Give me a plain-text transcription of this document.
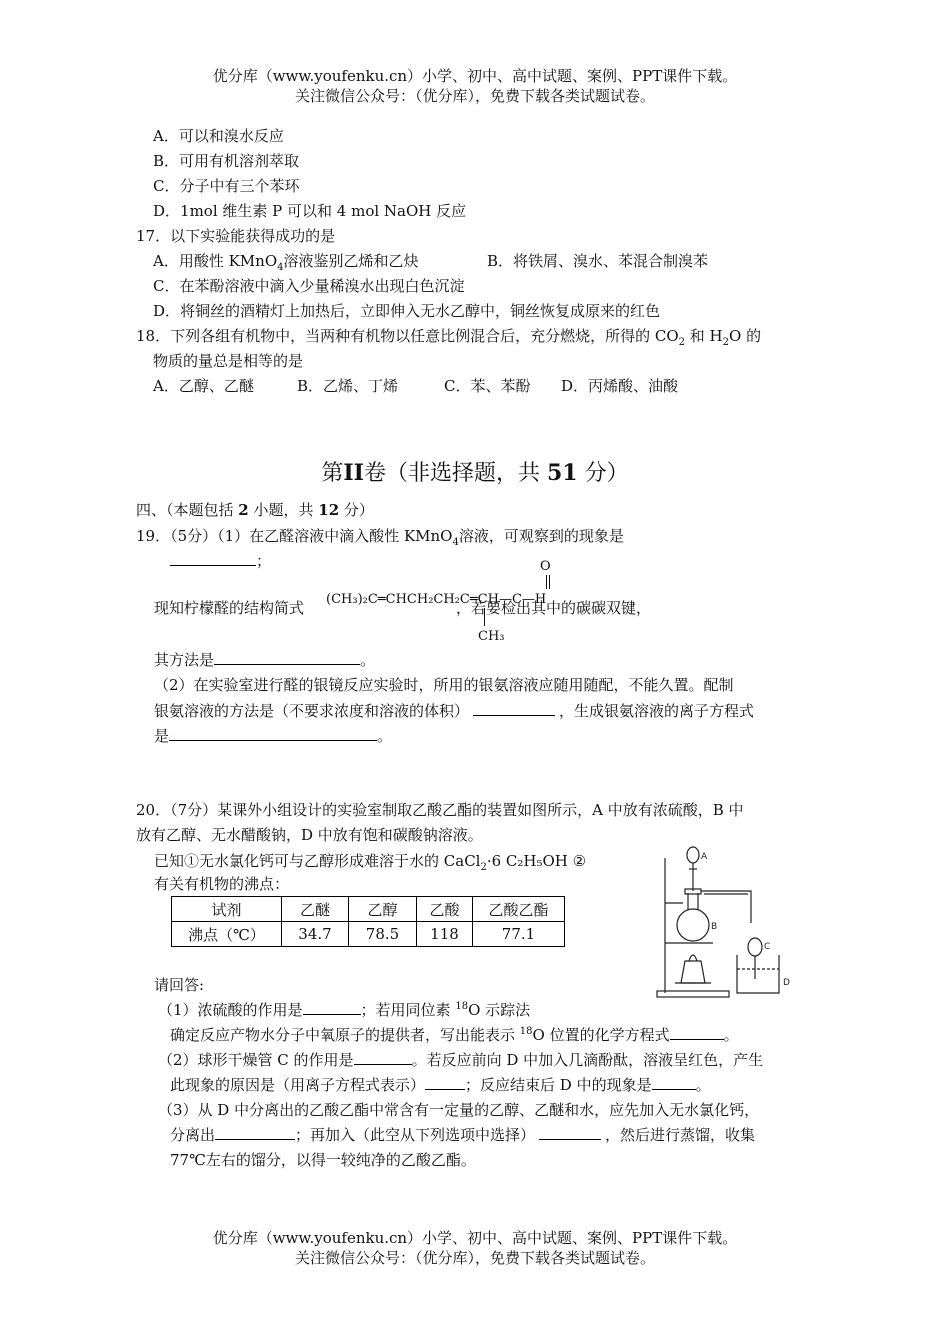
优分库（www.youfenku.cn）小学、初中、高中试题、案例、PPT课件下载。
关注微信公众号：（优分库），免费下载各类试题试卷。
A．可以和溴水反应
B．可用有机溶剂萃取
C．分子中有三个苯环
D．1mol 维生素 P 可以和 4 mol NaOH 反应
17．以下实验能获得成功的是
A．用酸性 KMnO$_4$溶液鉴别乙烯和乙炔	B．将铁屑、溴水、苯混合制溴苯
C．在苯酚溶液中滴入少量稀溴水出现白色沉淀
D．将铜丝的酒精灯上加热后，立即伸入无水乙醇中，铜丝恢复成原来的红色
18．下列各组有机物中，当两种有机物以任意比例混合后，充分燃烧，所得的 $CO_2$ 和 $H_2O$ 的
物质的量总是相等的是
A．乙醇、乙醚	B．乙烯、丁烯	C．苯、苯酚 D．丙烯酸、油酸
第II卷（非选择题，共 51 分）
四、（本题包括 2 小题，共 12 分）
19．（5分）（1）在乙醛溶液中滴入酸性 KMnO$_4$溶液，可观察到的现象是
；
现知柠檬醛的结构简式
O
(CH₃)₂C═CHCH₂CH₂C═CH—C—H
CH₃
，若要检出其中的碳碳双键，
其方法是	。
（2）在实验室进行醛的银镜反应实验时，所用的银氨溶液应随用随配，不能久置。配制
银氨溶液的方法是（不要求浓度和溶液的体积）	，生成银氨溶液的离子方程式
是	。
20．（7分）某课外小组设计的实验室制取乙酸乙酯的装置如图所示，A 中放有浓硫酸，B 中
放有乙醇、无水醋酸钠，D 中放有饱和碳酸钠溶液。
已知①无水氯化钙可与乙醇形成难溶于水的 CaCl$_2$·6 C₂H₅OH ②
有关有机物的沸点：
试剂	乙醚	乙醇	乙酸	乙酸乙酯
沸点（℃）	34.7	78.5	118	77.1
A
B
C
D
请回答:
（1）浓硫酸的作用是	；若用同位素 $^{18}$O 示踪法
确定反应产物水分子中氧原子的提供者，写出能表示 $^{18}$O 位置的化学方程式	。
（2）球形干燥管 C 的作用是	。若反应前向 D 中加入几滴酚酞，溶液呈红色，产生
此现象的原因是（用离子方程式表示）	；反应结束后 D 中的现象是	。
（3）从 D 中分离出的乙酸乙酯中常含有一定量的乙醇、乙醚和水，应先加入无水氯化钙，
分离出	；再加入（此空从下列选项中选择）	，然后进行蒸馏，收集
77℃左右的馏分，以得一较纯净的乙酸乙酯。
优分库（www.youfenku.cn）小学、初中、高中试题、案例、PPT课件下载。
关注微信公众号：（优分库），免费下载各类试题试卷。
